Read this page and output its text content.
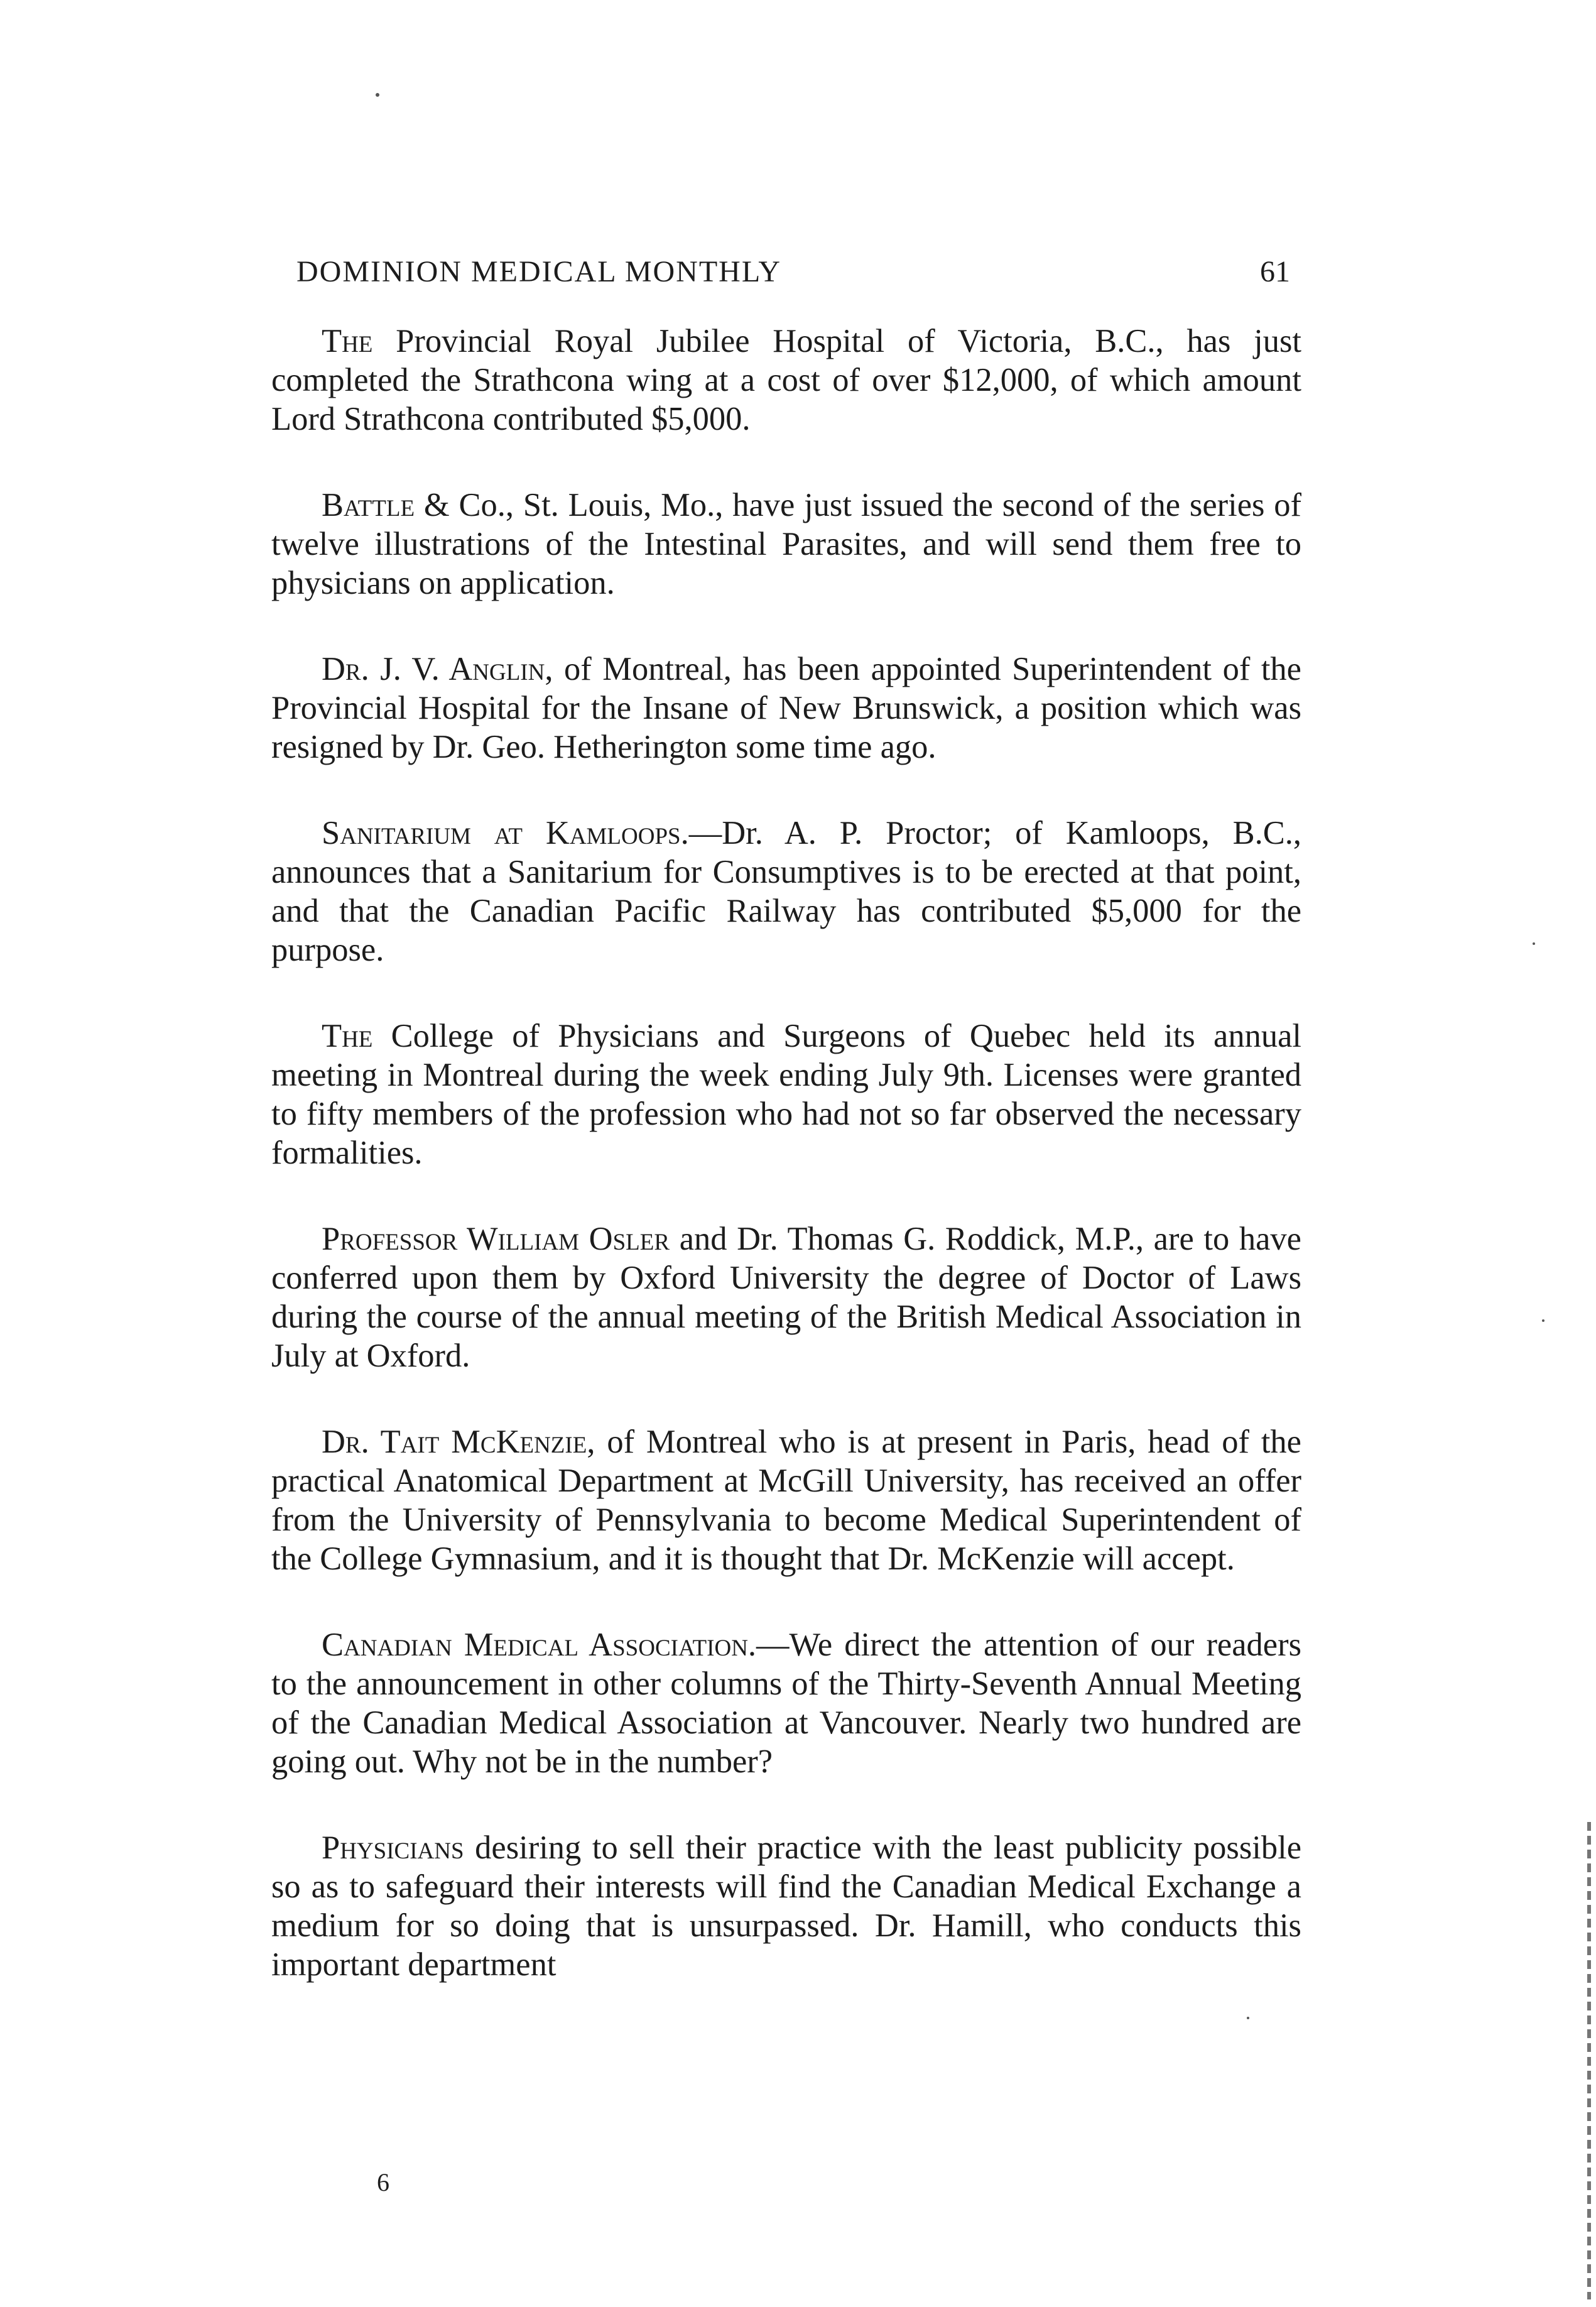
DOMINION MEDICAL MONTHLY	61

The Provincial Royal Jubilee Hospital of Victoria, B.C., has just completed the Strathcona wing at a cost of over $12,000, of which amount Lord Strathcona contributed $5,000.

Battle & Co., St. Louis, Mo., have just issued the second of the series of twelve illustrations of the Intestinal Parasites, and will send them free to physicians on application.

Dr. J. V. Anglin, of Montreal, has been appointed Superintendent of the Provincial Hospital for the Insane of New Brunswick, a position which was resigned by Dr. Geo. Hetherington some time ago.

Sanitarium at Kamloops.—Dr. A. P. Proctor; of Kamloops, B.C., announces that a Sanitarium for Consumptives is to be erected at that point, and that the Canadian Pacific Railway has contributed $5,000 for the purpose.

The College of Physicians and Surgeons of Quebec held its annual meeting in Montreal during the week ending July 9th. Licenses were granted to fifty members of the profession who had not so far observed the necessary formalities.

Professor William Osler and Dr. Thomas G. Roddick, M.P., are to have conferred upon them by Oxford University the degree of Doctor of Laws during the course of the annual meeting of the British Medical Association in July at Oxford.

Dr. Tait McKenzie, of Montreal who is at present in Paris, head of the practical Anatomical Department at McGill University, has received an offer from the University of Pennsylvania to become Medical Superintendent of the College Gymnasium, and it is thought that Dr. McKenzie will accept.

Canadian Medical Association.—We direct the attention of our readers to the announcement in other columns of the Thirty-Seventh Annual Meeting of the Canadian Medical Association at Vancouver. Nearly two hundred are going out. Why not be in the number?

Physicians desiring to sell their practice with the least publicity possible so as to safeguard their interests will find the Canadian Medical Exchange a medium for so doing that is unsurpassed. Dr. Hamill, who conducts this important department

6
